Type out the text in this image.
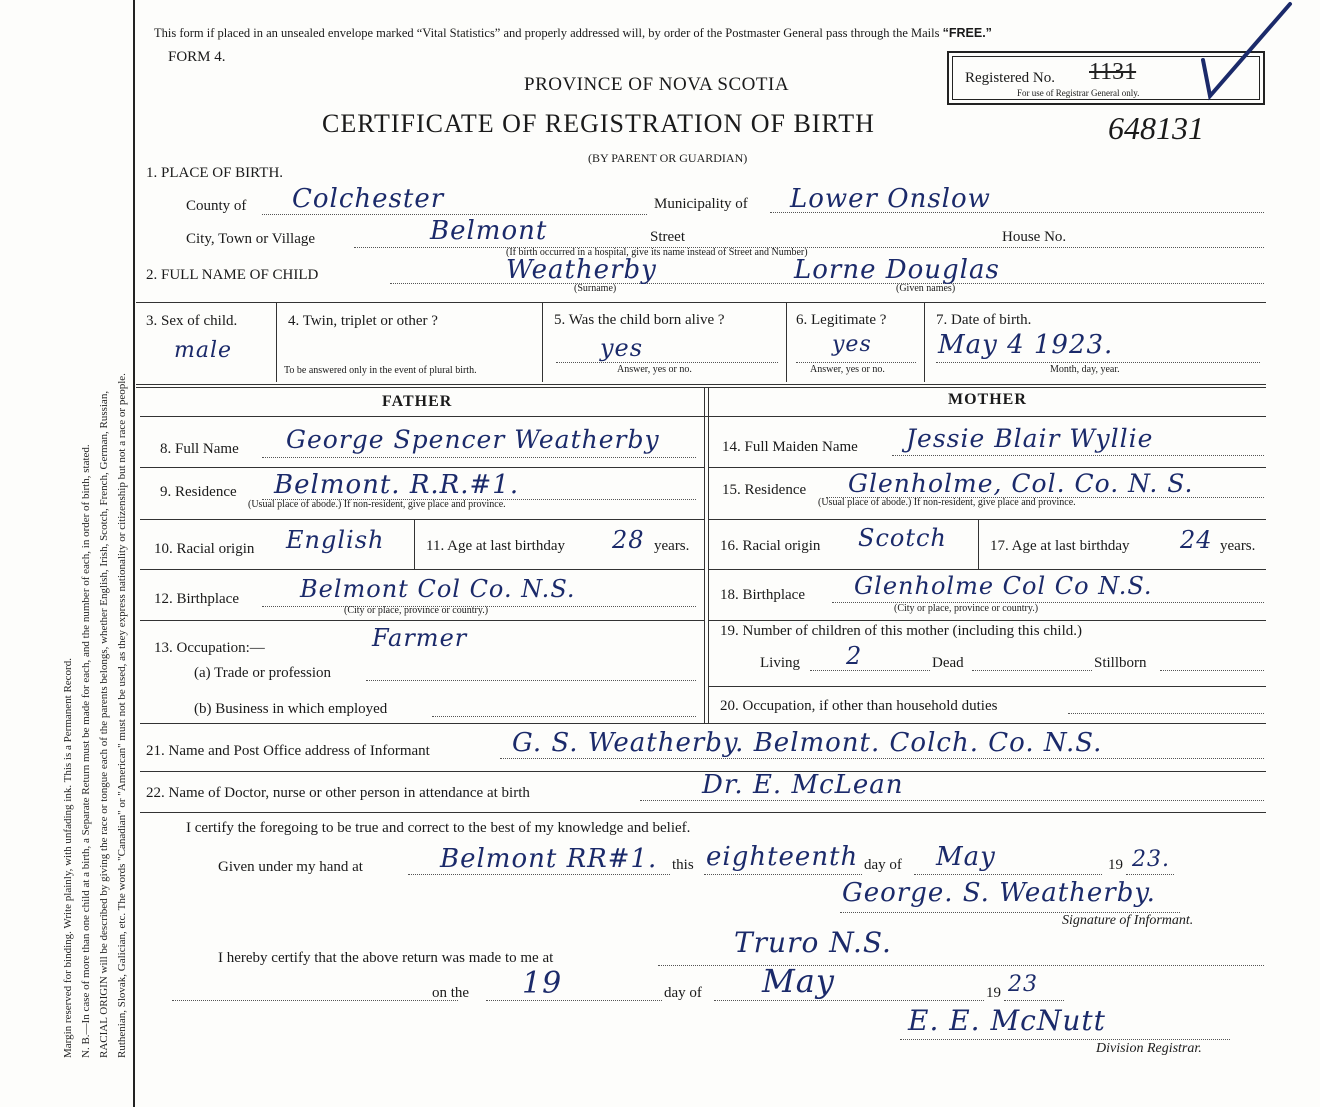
Margin reserved for binding. Write plainly, with unfading ink. This is a Permanent Record. N. B.—In case of more than one child at a birth, a Separate Return must be made for each, and the number of each, in order of birth, stated. RACIAL ORIGIN will be described by giving the race or tongue each of the parents belongs, whether English, Irish, Scotch, French, German, Russian, Ruthenian, Slovak, Galician, etc. The words "Canadian" or "American" must not be used, as they express nationality or citizenship but not a race or people.
This form if placed in an unsealed envelope marked “Vital Statistics” and properly addressed will, by order of the Postmaster General pass through the Mails “FREE.”
FORM 4.
PROVINCE OF NOVA SCOTIA
CERTIFICATE OF REGISTRATION OF BIRTH
(BY PARENT OR GUARDIAN)
Registered No. 1131
For use of Registrar General only.
648131
1. PLACE OF BIRTH.
County of Colchester	Municipality of Lower Onslow
City, Town or Village	Belmont	Street	House No.
(If birth occurred in a hospital, give its name instead of Street and Number)
2. FULL NAME OF CHILD	Weatherby	Lorne Douglas
(Surname)	(Given names)
3. Sex of child.
male
4. Twin, triplet or other ?
To be answered only in the event of plural birth.
5. Was the child born alive ?
yes
Answer, yes or no.
6. Legitimate ?
yes
Answer, yes or no.
7. Date of birth.
May 4 1923.
Month, day, year.
FATHER	MOTHER
8. Full Name George Spencer Weatherby
9. Residence Belmont. R.R.#1.
(Usual place of abode.) If non-resident, give place and province.
10. Racial origin English	11. Age at last birthday 28 years.
12. Birthplace	Belmont Col Co. N.S.
(City or place, province or country.)
13. Occupation:—	Farmer
(a) Trade or profession
(b) Business in which employed
14. Full Maiden Name Jessie Blair Wyllie
15. Residence Glenholme, Col. Co. N. S.
(Usual place of abode.) If non-resident, give place and province.
16. Racial origin Scotch	17. Age at last birthday 24 years.
18. Birthplace Glenholme Col Co N.S.
(City or place, province or country.)
19. Number of children of this mother (including this child.)
Living 2	Dead	Stillborn
20. Occupation, if other than household duties
21. Name and Post Office address of Informant	G. S. Weatherby. Belmont. Colch. Co. N.S.
22. Name of Doctor, nurse or other person in attendance at birth	Dr. E. McLean
I certify the foregoing to be true and correct to the best of my knowledge and belief.
Given under my hand at	Belmont RR#1. this eighteenth day of May	19 23.
George. S. Weatherby.
Signature of Informant.
I hereby certify that the above return was made to me at	Truro N.S.
on the 19	day of May	19 23
E. E. McNutt
Division Registrar.
